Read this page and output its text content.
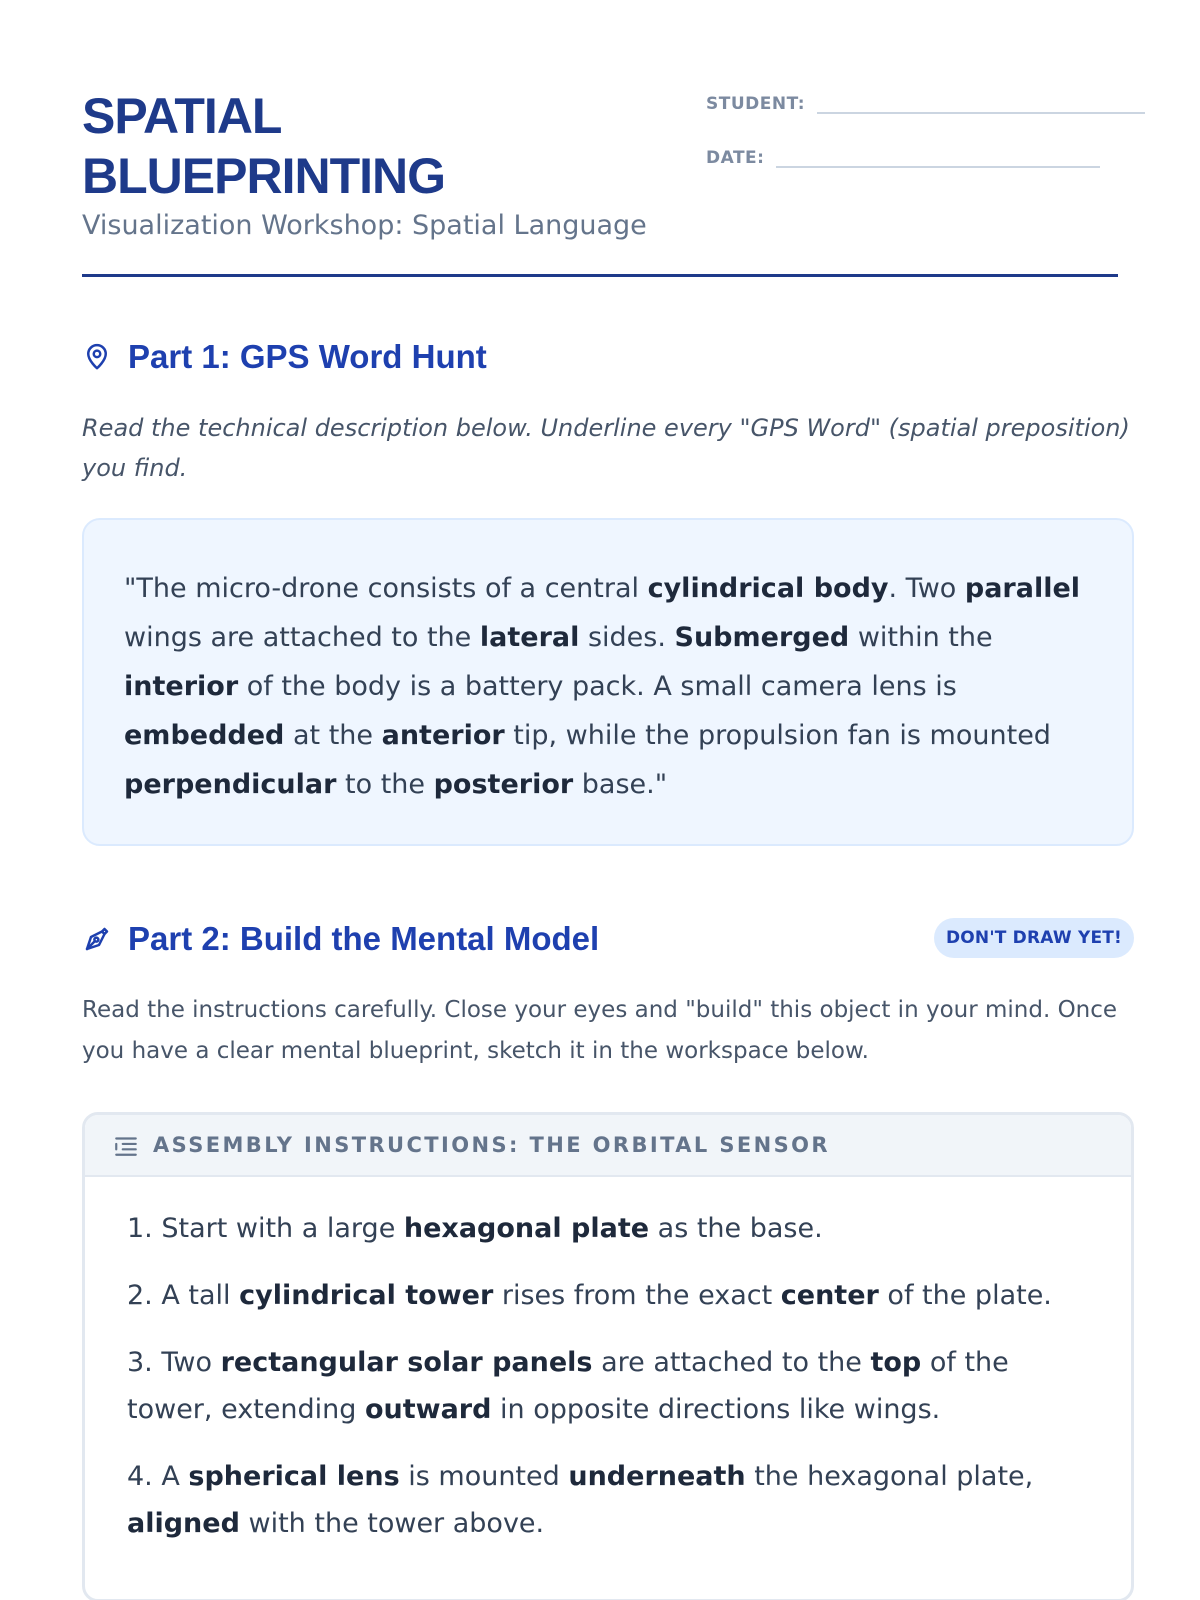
SPATIAL
BLUEPRINTING
Visualization Workshop: Spatial Language
STUDENT:
DATE:
Part 1: GPS Word Hunt

Read the technical description below. Underline every "GPS Word" (spatial preposition) you find.

"The micro-drone consists of a central cylindrical body. Two parallel wings are attached to the lateral sides. Submerged within the interior of the body is a battery pack. A small camera lens is embedded at the anterior tip, while the propulsion fan is mounted perpendicular to the posterior base."

Part 2: Build the Mental Model	DON'T DRAW YET!

Read the instructions carefully. Close your eyes and "build" this object in your mind. Once you have a clear mental blueprint, sketch it in the workspace below.

ASSEMBLY INSTRUCTIONS: THE ORBITAL SENSOR
1. Start with a large hexagonal plate as the base.
2. A tall cylindrical tower rises from the exact center of the plate.
3. Two rectangular solar panels are attached to the top of the tower, extending outward in opposite directions like wings.
4. A spherical lens is mounted underneath the hexagonal plate, aligned with the tower above.
